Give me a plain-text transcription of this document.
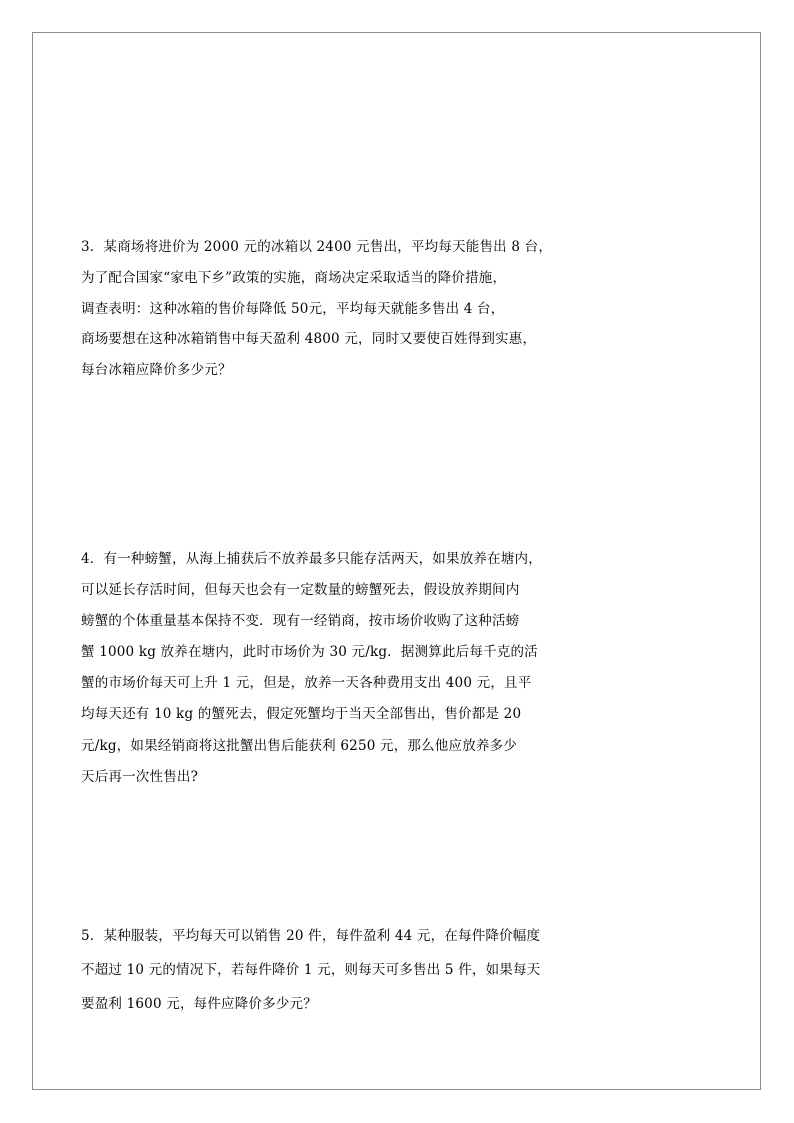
3．某商场将进价为 2000 元的冰箱以 2400 元售出，平均每天能售出 8 台，
为了配合国家“家电下乡”政策的实施，商场决定采取适当的降价措施，
调查表明：这种冰箱的售价每降低 50元，平均每天就能多售出 4 台，
商场要想在这种冰箱销售中每天盈利 4800 元，同时又要使百姓得到实惠，
每台冰箱应降价多少元？
4．有一种螃蟹，从海上捕获后不放养最多只能存活两天，如果放养在塘内，
可以延长存活时间，但每天也会有一定数量的螃蟹死去，假设放养期间内
螃蟹的个体重量基本保持不变．现有一经销商，按市场价收购了这种活螃
蟹 1000 kg 放养在塘内，此时市场价为 30 元/kg．据测算此后每千克的活
蟹的市场价每天可上升 1 元，但是，放养一天各种费用支出 400 元，且平
均每天还有 10 kg 的蟹死去，假定死蟹均于当天全部售出，售价都是 20
元/kg，如果经销商将这批蟹出售后能获利 6250 元，那么他应放养多少
天后再一次性售出?
5．某种服装，平均每天可以销售 20 件，每件盈利 44 元，在每件降价幅度
不超过 10 元的情况下，若每件降价 1 元，则每天可多售出 5 件，如果每天
要盈利 1600 元，每件应降价多少元？
